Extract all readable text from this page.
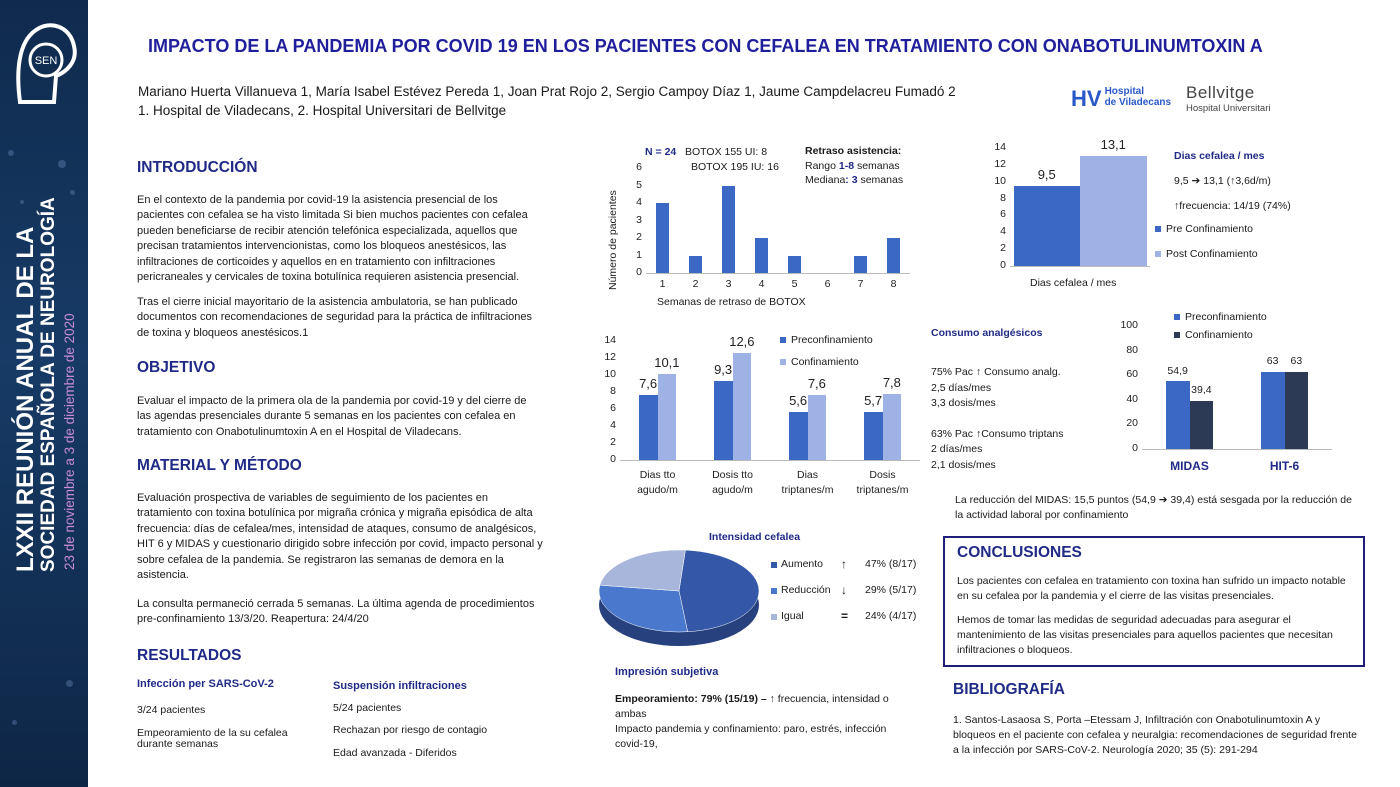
SEN
LXXII REUNIÓN ANUAL DE LA SOCIEDAD ESPAÑOLA DE NEUROLOGÍA 23 de noviembre a 3 de diciembre de 2020
IMPACTO DE LA PANDEMIA POR COVID 19 EN LOS PACIENTES CON CEFALEA EN TRATAMIENTO CON ONABOTULINUMTOXIN A
Mariano Huerta Villanueva 1, María Isabel Estévez Pereda 1, Joan Prat Rojo 2, Sergio Campoy Díaz 1, Jaume Campdelacreu Fumadó 2
1. Hospital de Viladecans, 2. Hospital Universitari de Bellvitge	HV Hospital
de Viladecans
Bellvitge
Hospital Universitari
INTRODUCCIÓN
En el contexto de la pandemia por covid-19 la asistencia presencial de los pacientes con cefalea se ha visto limitada Si bien muchos pacientes con cefalea pueden beneficiarse de recibir atención telefónica especializada, aquellos que precisan tratamientos intervencionistas, como los bloqueos anestésicos, las infiltraciones de corticoides y aquellos en en tratamiento con infiltraciones pericraneales y cervicales de toxina botulínica requieren asistencia presencial.
Tras el cierre inicial mayoritario de la asistencia ambulatoria, se han publicado documentos con recomendaciones de seguridad para la práctica de infiltraciones de toxina y bloqueos anestésicos.1
OBJETIVO
Evaluar el impacto de la primera ola de la pandemia por covid-19 y del cierre de las agendas presenciales durante 5 semanas en los pacientes con cefalea en tratamiento con Onabotulinumtoxin A en el Hospital de Viladecans.
MATERIAL Y MÉTODO
Evaluación prospectiva de variables de seguimiento de los pacientes en tratamiento con toxina botulínica por migraña crónica y migraña episódica de alta frecuencia: días de cefalea/mes, intensidad de ataques, consumo de analgésicos, HIT 6 y MIDAS y cuestionario dirigido sobre infección por covid, impacto personal y sobre cefalea de la pandemia. Se registraron las semanas de demora en la asistencia.
La consulta permaneció cerrada 5 semanas. La última agenda de procedimientos pre-confinamiento 13/3/20. Reapertura: 24/4/20
RESULTADOS
Infección per SARS-CoV-2
3/24 pacientes
Empeoramiento de la su cefalea durante semanas
Suspensión infiltraciones
5/24 pacientes
Rechazan por riesgo de contagio
Edad avanzada - Diferidos
N = 24 BOTOX 155 UI: 8
BOTOX 195 IU: 16
Retraso asistencia:
Rango 1-8 semanas
Mediana: 3 semanas
0
1
2
3
4
5
6
1	2	3	4	5	6	7	8
Número de pacientes
Semanas de retraso de BOTOX
0
2
4
6
8
10
12
14
9,5
13,1
Dias cefalea / mes
Dias cefalea / mes
9,5 ➔ 13,1 (↑3,6d/m)
↑frecuencia: 14/19 (74%)
Pre Confinamiento
Post Confinamiento
0
2
4
6
8
10
12
14
7,6
10,1
Dias tto agudo/m
9,3
12,6
Dosis tto agudo/m
5,6
7,6
Dias triptanes/m
5,7
7,8
Dosis triptanes/m
Preconfinamiento
Confinamiento
Consumo analgésicos
75% Pac ↑ Consumo analg.
2,5 días/mes
3,3 dosis/mes
63% Pac ↑Consumo triptans
2 días/mes
2,1 dosis/mes
0
20
40
60
80
100
54,9
39,4
MIDAS
63	63
HIT-6
Preconfinamiento
Confinamiento
La reducción del MIDAS: 15,5 puntos (54,9 ➔ 39,4) está sesgada por la reducción de la actividad laboral por confinamiento
Intensidad cefalea
Aumento ↑ 47% (8/17)
Reducción ↓ 29% (5/17)
Igual	= 24% (4/17)
Impresión subjetiva
Empeoramiento: 79% (15/19) – ↑ frecuencia, intensidad o ambas
Impacto pandemia y confinamiento: paro, estrés, infección covid-19,
CONCLUSIONES
Los pacientes con cefalea en tratamiento con toxina han sufrido un impacto notable en su cefalea por la pandemia y el cierre de las visitas presenciales.
Hemos de tomar las medidas de seguridad adecuadas para asegurar el mantenimiento de las visitas presenciales para aquellos pacientes que necesitan infiltraciones o bloqueos.
BIBLIOGRAFÍA
1. Santos-Lasaosa S, Porta –Etessam J, Infiltración con Onabotulinumtoxin A y bloqueos en el paciente con cefalea y neuralgia: recomendaciones de seguridad frente a la infección por SARS-CoV-2. Neurología 2020; 35 (5): 291-294
